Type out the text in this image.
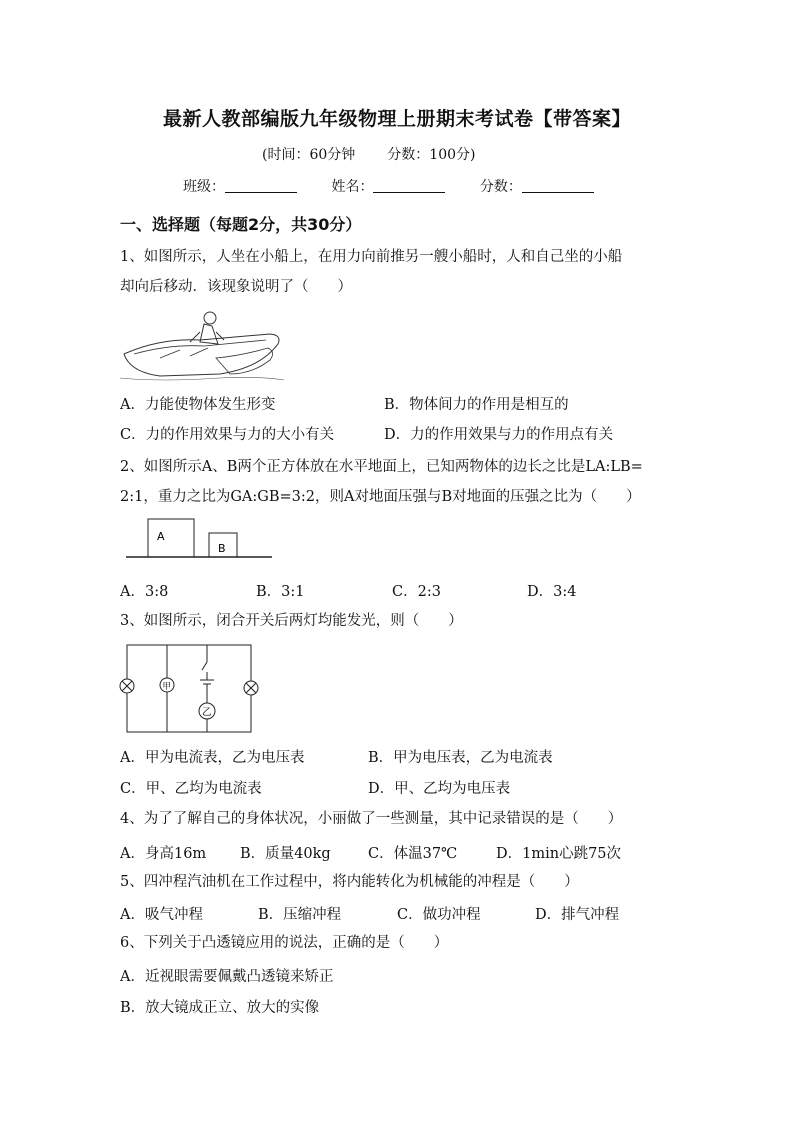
最新人教部编版九年级物理上册期末考试卷【带答案】
(时间：60分钟 分数：100分)
班级：	姓名：	分数：
一、选择题（每题2分，共30分）
1、如图所示，人坐在小船上，在用力向前推另一艘小船时，人和自己坐的小船
却向后移动．该现象说明了（　　）
A．力能使物体发生形变	B．物体间力的作用是相互的
C．力的作用效果与力的大小有关	D．力的作用效果与力的作用点有关
2、如图所示A、B两个正方体放在水平地面上，已知两物体的边长之比是LA:LB=
2:1，重力之比为GA:GB=3:2，则A对地面压强与B对地面的压强之比为（　　）
A
B
A．3:8	B．3:1	C．2:3	D．3:4
3、如图所示，闭合开关后两灯均能发光，则（　　）
甲
乙
A．甲为电流表，乙为电压表	B．甲为电压表，乙为电流表
C．甲、乙均为电流表	D．甲、乙均为电压表
4、为了了解自己的身体状况，小丽做了一些测量，其中记录错误的是（　　）
A．身高16m B．质量40kg	C．体温37℃	D．1min心跳75次
5、四冲程汽油机在工作过程中，将内能转化为机械能的冲程是（　　）
A．吸气冲程	B．压缩冲程	C．做功冲程	D．排气冲程
6、下列关于凸透镜应用的说法，正确的是（　　）
A．近视眼需要佩戴凸透镜来矫正
B．放大镜成正立、放大的实像
